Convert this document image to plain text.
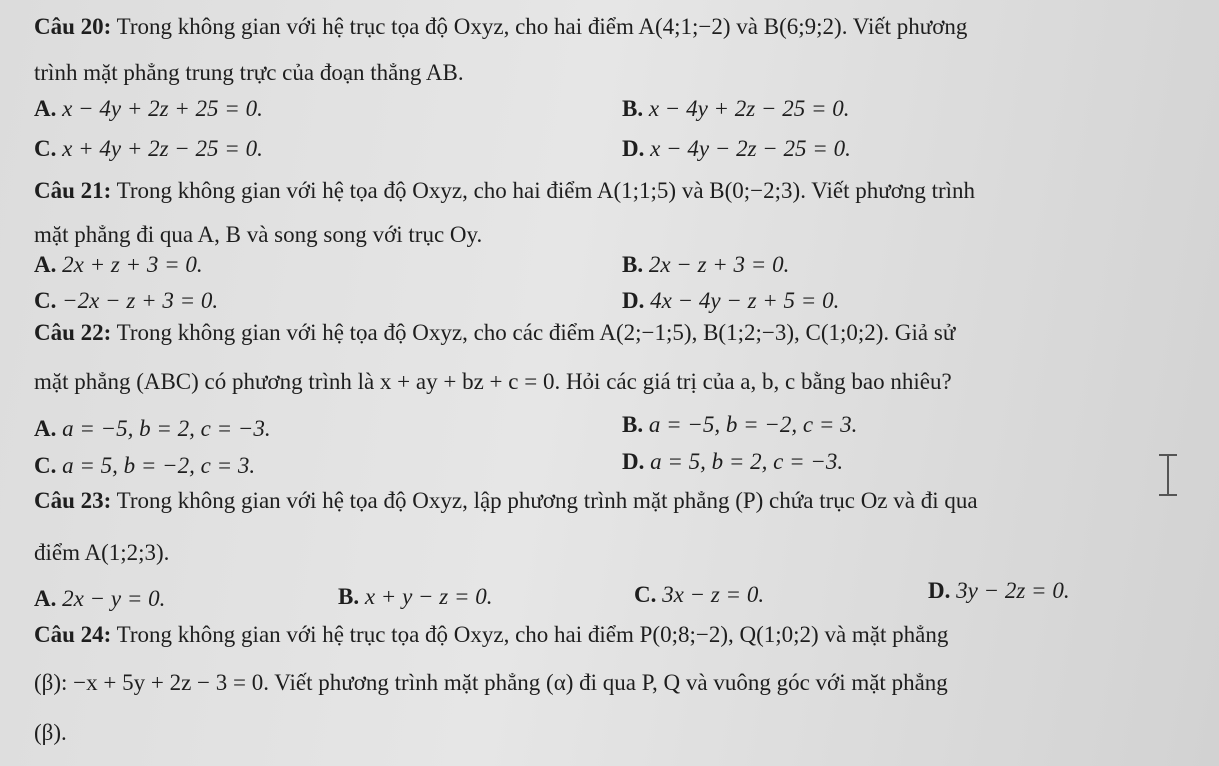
Câu 20: Trong không gian với hệ trục tọa độ Oxyz, cho hai điểm A(4;1;−2) và B(6;9;2). Viết phương
trình mặt phẳng trung trực của đoạn thẳng AB.
A. x − 4y + 2z + 25 = 0.	B. x − 4y + 2z − 25 = 0.
C. x + 4y + 2z − 25 = 0.	D. x − 4y − 2z − 25 = 0.
Câu 21: Trong không gian với hệ tọa độ Oxyz, cho hai điểm A(1;1;5) và B(0;−2;3). Viết phương trình
mặt phẳng đi qua A, B và song song với trục Oy.
A. 2x + z + 3 = 0.	B. 2x − z + 3 = 0.
C. −2x − z + 3 = 0.	D. 4x − 4y − z + 5 = 0.
Câu 22: Trong không gian với hệ tọa độ Oxyz, cho các điểm A(2;−1;5), B(1;2;−3), C(1;0;2). Giả sử
mặt phẳng (ABC) có phương trình là x + ay + bz + c = 0. Hỏi các giá trị của a, b, c bằng bao nhiêu?
A. a = −5, b = 2, c = −3.	B. a = −5, b = −2, c = 3.
C. a = 5, b = −2, c = 3.	D. a = 5, b = 2, c = −3.
Câu 23: Trong không gian với hệ tọa độ Oxyz, lập phương trình mặt phẳng (P) chứa trục Oz và đi qua
điểm A(1;2;3).
A. 2x − y = 0.	B. x + y − z = 0.	C. 3x − z = 0.	D. 3y − 2z = 0.
Câu 24: Trong không gian với hệ trục tọa độ Oxyz, cho hai điểm P(0;8;−2), Q(1;0;2) và mặt phẳng
(β): −x + 5y + 2z − 3 = 0. Viết phương trình mặt phẳng (α) đi qua P, Q và vuông góc với mặt phẳng
(β).
